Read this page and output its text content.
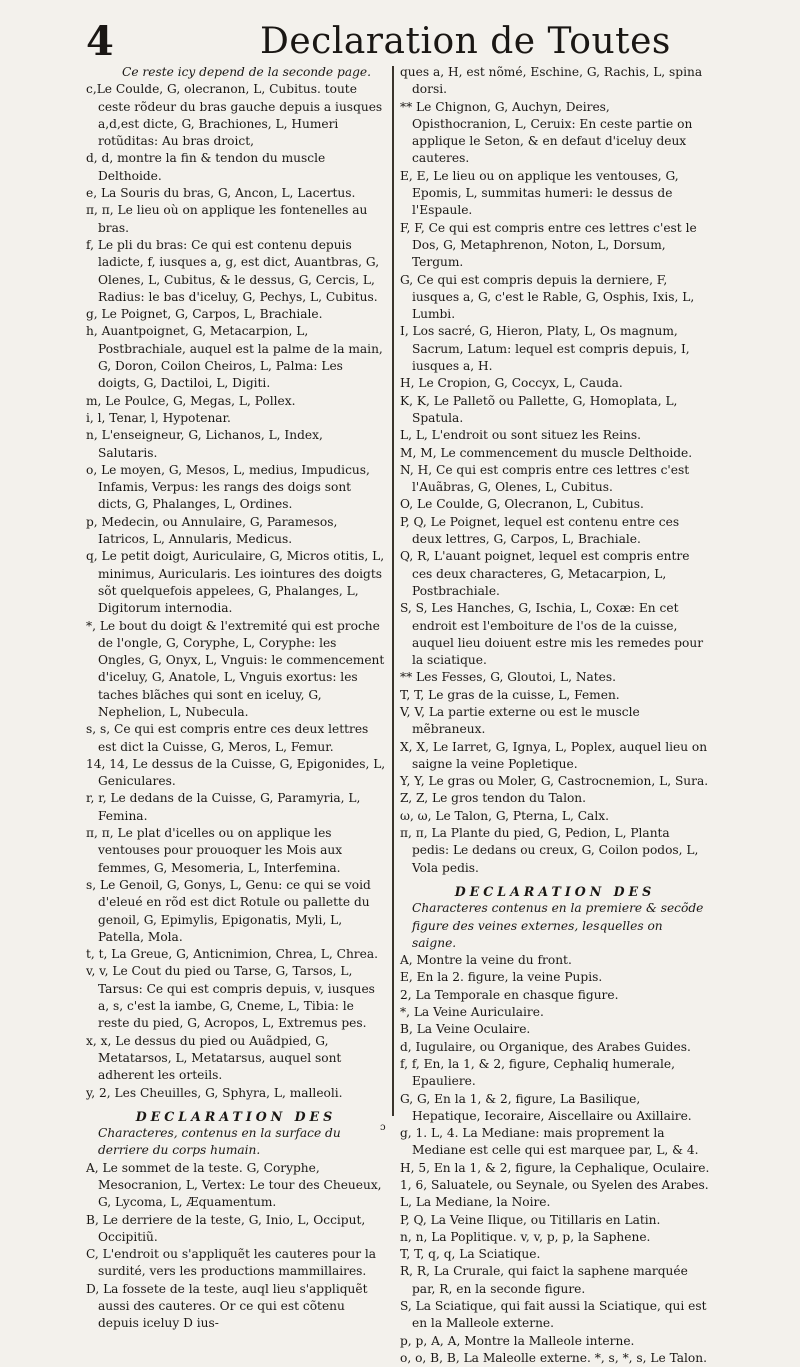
4	Declaration de Toutes

Ce reste icy depend de la seconde page.

c,Le Coulde, G, olecranon, L, Cubitus. toute ceste rõdeur du bras gauche depuis a iusques a,d,est dicte, G, Brachiones, L, Humeri rotũditas: Au bras droict,

d, d, montre la fin & tendon du muscle Delthoide.

e, La Souris du bras, G, Ancon, L, Lacertus.

π, π, Le lieu où on applique les fontenelles au bras.

f, Le pli du bras: Ce qui est contenu depuis ladicte, f, iusques a, g, est dict, Auantbras, G, Olenes, L, Cubitus, & le dessus, G, Cercis, L, Radius: le bas d'iceluy, G, Pechys, L, Cubitus.

g, Le Poignet, G, Carpos, L, Brachiale.

h, Auantpoignet, G, Metacarpion, L, Postbrachiale, auquel est la palme de la main, G, Doron, Coilon Cheiros, L, Palma: Les doigts, G, Dactiloi, L, Digiti.

m, Le Poulce, G, Megas, L, Pollex.

i, l, Tenar, l, Hypotenar.

n, L'enseigneur, G, Lichanos, L, Index, Salutaris.

o, Le moyen, G, Mesos, L, medius, Impudicus, Infamis, Verpus: les rangs des doigs sont dicts, G, Phalanges, L, Ordines.

p, Medecin, ou Annulaire, G, Paramesos, Iatricos, L, Annularis, Medicus.

q, Le petit doigt, Auriculaire, G, Micros otitis, L, minimus, Auricularis. Les iointures des doigts sõt quelquefois appelees, G, Phalanges, L, Digitorum internodia.

*, Le bout du doigt & l'extremité qui est proche de l'ongle, G, Coryphe, L, Coryphe: les Ongles, G, Onyx, L, Vnguis: le commencement d'iceluy, G, Anatole, L, Vnguis exortus: les taches blãches qui sont en iceluy, G, Nephelion, L, Nubecula.

s, s, Ce qui est compris entre ces deux lettres est dict la Cuisse, G, Meros, L, Femur.

14, 14, Le dessus de la Cuisse, G, Epigonides, L, Geniculares.

r, r, Le dedans de la Cuisse, G, Paramyria, L, Femina.

π, π, Le plat d'icelles ou on applique les ventouses pour prouoquer les Mois aux femmes, G, Mesomeria, L, Interfemina.

s, Le Genoil, G, Gonys, L, Genu: ce qui se void d'eleué en rõd est dict Rotule ou pallette du genoil, G, Epimylis, Epigonatis, Myli, L, Patella, Mola.

t, t, La Greue, G, Anticnimion, Chrea, L, Chrea.

v, v, Le Cout du pied ou Tarse, G, Tarsos, L, Tarsus: Ce qui est compris depuis, v, iusques a, s, c'est la iambe, G, Cneme, L, Tibia: le reste du pied, G, Acropos, L, Extremus pes.

x, x, Le dessus du pied ou Auãdpied, G, Metatarsos, L, Metatarsus, auquel sont adherent les orteils.

y, 2, Les Cheuilles, G, Sphyra, L, malleoli.

DECLARATION DES

Characteres, contenus en la surface du derriere du corps humain.

A, Le sommet de la teste. G, Coryphe, Mesocranion, L, Vertex: Le tour des Cheueux, G, Lycoma, L, Æquamentum.

B, Le derriere de la teste, G, Inio, L, Occiput, Occipitiũ.

C, L'endroit ou s'appliquẽt les cauteres pour la surdité, vers les productions mammillaires.

D, La fossete de la teste, auql lieu s'appliquẽt aussi des cauteres. Or ce qui est cõtenu depuis iceluy D ius-

ques a, H, est nõmé, Eschine, G, Rachis, L, spina dorsi.

** Le Chignon, G, Auchyn, Deires, Opisthocranion, L, Ceruix: En ceste partie on applique le Seton, & en defaut d'iceluy deux cauteres.

E, E, Le lieu ou on applique les ventouses, G, Epomis, L, summitas humeri: le dessus de l'Espaule.

F, F, Ce qui est compris entre ces lettres c'est le Dos, G, Metaphrenon, Noton, L, Dorsum, Tergum.

G, Ce qui est compris depuis la derniere, F, iusques a, G, c'est le Rable, G, Osphis, Ixis, L, Lumbi.

I, Los sacré, G, Hieron, Platy, L, Os magnum, Sacrum, Latum: lequel est compris depuis, I, iusques a, H.

H, Le Cropion, G, Coccyx, L, Cauda.

K, K, Le Palletõ ou Pallette, G, Homoplata, L, Spatula.

L, L, L'endroit ou sont situez les Reins.

M, M, Le commencement du muscle Delthoide.

N, H, Ce qui est compris entre ces lettres c'est l'Auãbras, G, Olenes, L, Cubitus.

O, Le Coulde, G, Olecranon, L, Cubitus.

P, Q, Le Poignet, lequel est contenu entre ces deux lettres, G, Carpos, L, Brachiale.

Q, R, L'auant poignet, lequel est compris entre ces deux characteres, G, Metacarpion, L, Postbrachiale.

S, S, Les Hanches, G, Ischia, L, Coxæ: En cet endroit est l'emboiture de l'os de la cuisse, auquel lieu doiuent estre mis les remedes pour la sciatique.

** Les Fesses, G, Gloutoi, L, Nates.

T, T, Le gras de la cuisse, L, Femen.

V, V, La partie externe ou est le muscle mẽbraneux.

X, X, Le Iarret, G, Ignya, L, Poplex, auquel lieu on saigne la veine Popletique.

Y, Y, Le gras ou Moler, G, Castrocnemion, L, Sura.

Z, Z, Le gros tendon du Talon.

ω, ω, Le Talon, G, Pterna, L, Calx.

π, π, La Plante du pied, G, Pedion, L, Planta pedis: Le dedans ou creux, G, Coilon podos, L, Vola pedis.

DECLARATION DES

Characteres contenus en la premiere & secõde figure des veines externes, lesquelles on saigne.

A, Montre la veine du front.

E, En la 2. figure, la veine Pupis.

2, La Temporale en chasque figure.

*, La Veine Auriculaire.

B, La Veine Oculaire.

d, Iugulaire, ou Organique, des Arabes Guides.

f, f, En, la 1, & 2, figure, Cephaliq humerale, Epauliere.

G, G, En la 1, & 2, figure, La Basilique, Hepatique, Iecoraire, Aiscellaire ou Axillaire.

g, 1. L, 4. La Mediane: mais proprement la Mediane est celle qui est marquee par, L, & 4.

H, 5, En la 1, & 2, figure, la Cephalique, Oculaire.

1, 6, Saluatele, ou Seynale, ou Syelen des Arabes.

L, La Mediane, la Noire.

P, Q, La Veine Ilique, ou Titillaris en Latin.

n, n, La Poplitique. v, v, p, p, la Saphene.

T, T, q, q, La Sciatique.

R, R, La Crurale, qui faict la saphene marquée par, R, en la seconde figure.

S, La Sciatique, qui fait aussi la Sciatique, qui est en la Malleole externe.

p, p, A, A, Montre la Malleole interne.

o, o, B, B, La Maleolle externe. *, s, *, s, Le Talon.

ɔ
